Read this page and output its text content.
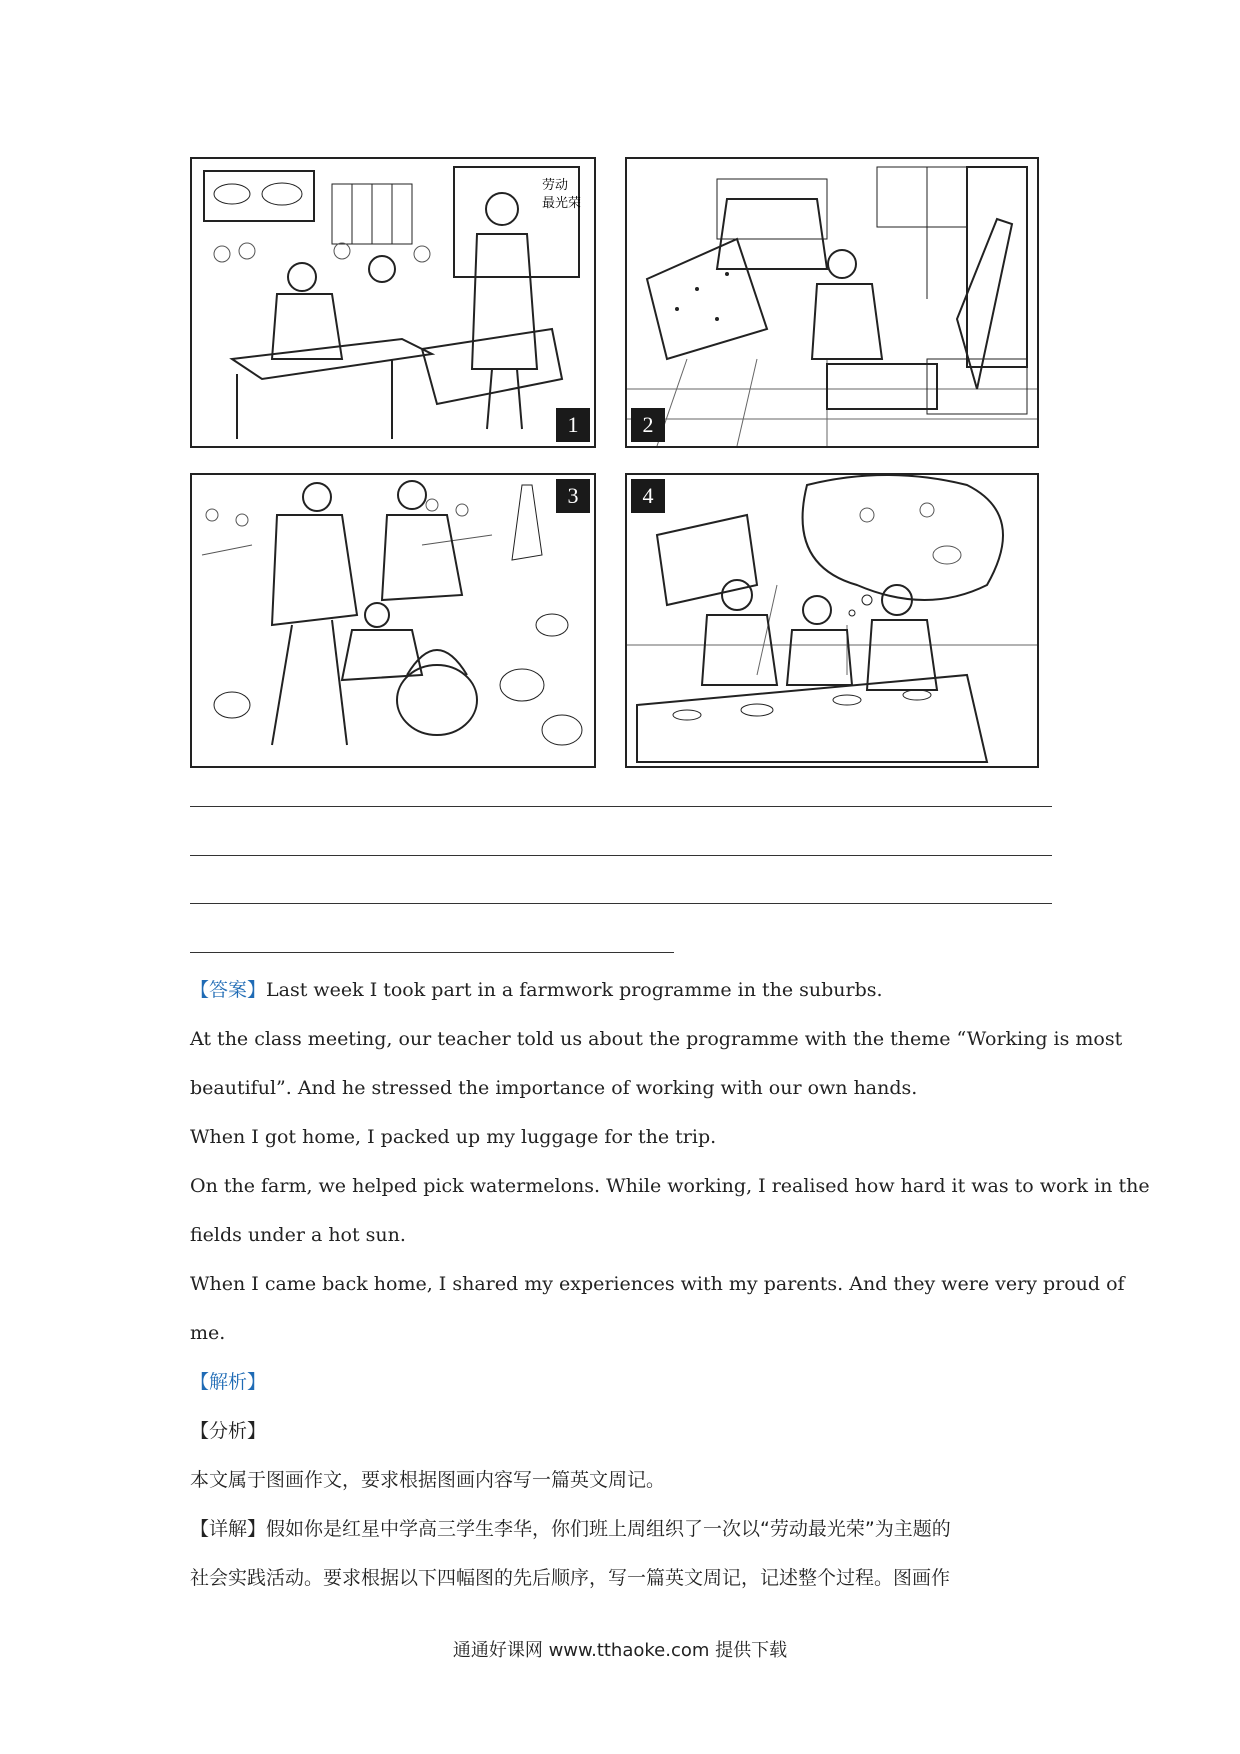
劳动
最光荣
1	2
3	4
【答案】Last week I took part in a farmwork programme in the suburbs.
At the class meeting, our teacher told us about the programme with the theme “Working is most
beautiful”. And he stressed the importance of working with our own hands.
When I got home, I packed up my luggage for the trip.
On the farm, we helped pick watermelons. While working, I realised how hard it was to work in the
fields under a hot sun.
When I came back home, I shared my experiences with my parents. And they were very proud of
me.
【解析】
【分析】
本文属于图画作文，要求根据图画内容写一篇英文周记。
【详解】假如你是红星中学高三学生李华，你们班上周组织了一次以“劳动最光荣”为主题的
社会实践活动。要求根据以下四幅图的先后顺序，写一篇英文周记，记述整个过程。图画作
通通好课网 www.tthaoke.com 提供下载
